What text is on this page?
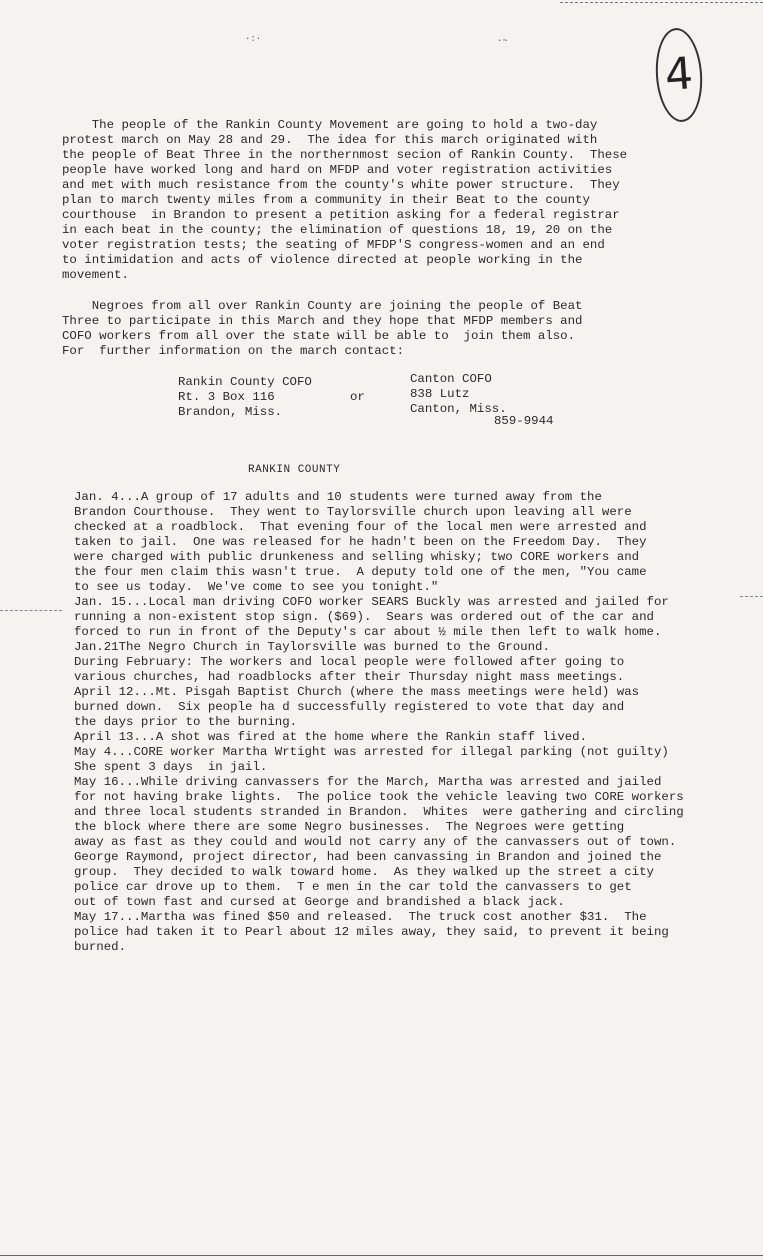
·:·	·~
4

The people of the Rankin County Movement are going to hold a two-day
protest march on May 28 and 29.  The idea for this march originated with
the people of Beat Three in the northernmost secion of Rankin County.  These
people have worked long and hard on MFDP and voter registration activities
and met with much resistance from the county's white power structure.  They
plan to march twenty miles from a community in their Beat to the county
courthouse  in Brandon to present a petition asking for a federal registrar
in each beat in the county; the elimination of questions 18, 19, 20 on the
voter registration tests; the seating of MFDP'S congress-women and an end
to intimidation and acts of violence directed at people working in the
movement.

Negroes from all over Rankin County are joining the people of Beat
Three to participate in this March and they hope that MFDP members and
COFO workers from all over the state will be able to  join them also.
For  further information on the march contact:

Rankin County COFO
Rt. 3 Box 116
Brandon, Miss.
or
Canton COFO
838 Lutz
Canton, Miss.
859-9944
RANKIN COUNTY

Jan. 4...A group of 17 adults and 10 students were turned away from the
Brandon Courthouse.  They went to Taylorsville church upon leaving all were
checked at a roadblock.  That evening four of the local men were arrested and
taken to jail.  One was released for he hadn't been on the Freedom Day.  They
were charged with public drunkeness and selling whisky; two CORE workers and
the four men claim this wasn't true.  A deputy told one of the men, "You came
to see us today.  We've come to see you tonight."

Jan. 15...Local man driving COFO worker SEARS Buckly was arrested and jailed for
running a non-existent stop sign. ($69).  Sears was ordered out of the car and
forced to run in front of the Deputy's car about ½ mile then left to walk home.

Jan.21The Negro Church in Taylorsville was burned to the Ground.

During February: The workers and local people were followed after going to
various churches, had roadblocks after their Thursday night mass meetings.

April 12...Mt. Pisgah Baptist Church (where the mass meetings were held) was
burned down.  Six people ha d successfully registered to vote that day and
the days prior to the burning.

April 13...A shot was fired at the home where the Rankin staff lived.

May 4...CORE worker Martha Wrtight was arrested for illegal parking (not guilty)
She spent 3 days  in jail.

May 16...While driving canvassers for the March, Martha was arrested and jailed
for not having brake lights.  The police took the vehicle leaving two CORE workers
and three local students stranded in Brandon.  Whites  were gathering and circling
the block where there are some Negro businesses.  The Negroes were getting
away as fast as they could and would not carry any of the canvassers out of town.
George Raymond, project director, had been canvassing in Brandon and joined the
group.  They decided to walk toward home.  As they walked up the street a city
police car drove up to them.  T e men in the car told the canvassers to get
out of town fast and cursed at George and brandished a black jack.

May 17...Martha was fined $50 and released.  The truck cost another $31.  The
police had taken it to Pearl about 12 miles away, they said, to prevent it being
burned.
